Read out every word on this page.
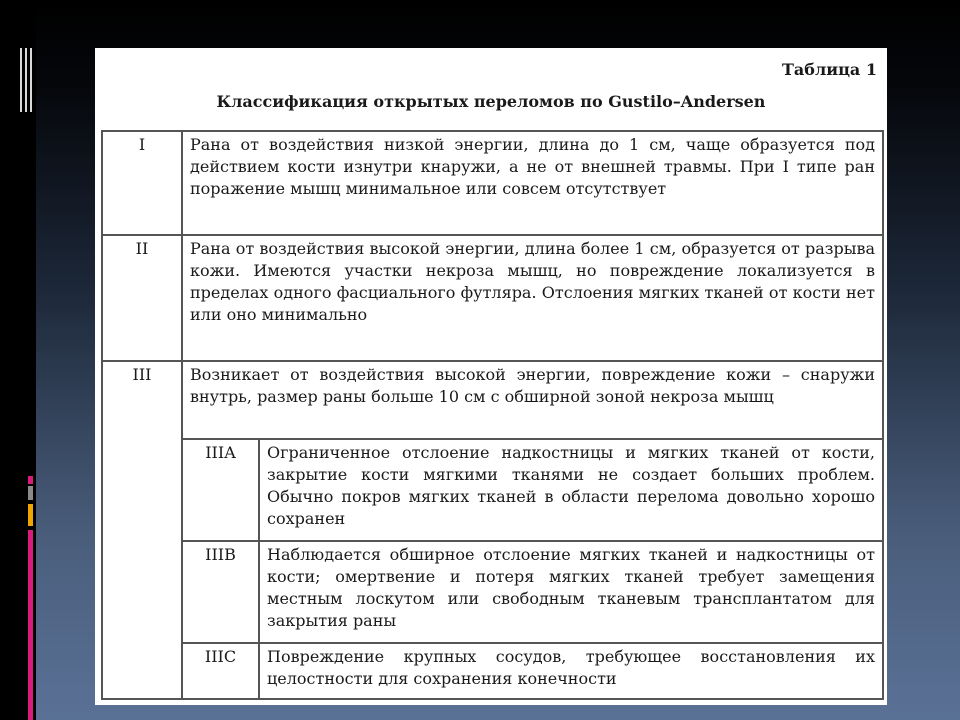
Таблица 1
Классификация открытых переломов по Gustilo–Andersen
I	Рана от воздействия низкой энергии, длина до 1 см, чаще образуется под действием кости изнутри кнаружи, а не от внешней травмы. При I типе ран поражение мышц минимальное или совсем отсутствует	
II	Рана от воздействия высокой энергии, длина более 1 см, образуется от разрыва кожи. Имеются участки некроза мышц, но повреждение локализуется в пределах одного фасциального футляра. Отслоения мягких тканей от кости нет или оно минимально	
III	Возникает от воздействия высокой энергии, повреждение кожи – снаружи внутрь, размер раны больше 10 см с обширной зоной некроза мышц	
	IIIA	Ограниченное отслоение надкостницы и мягких тканей от кости, закрытие кости мягкими тканями не создает больших проблем. Обычно покров мягких тканей в области перелома довольно хорошо сохранен
	IIIB	Наблюдается обширное отслоение мягких тканей и надкостницы от кости; омертвение и потеря мягких тканей требует замещения местным лоскутом или свободным тканевым трансплантатом для закрытия раны
	IIIC	Повреждение крупных сосудов, требующее восстановления их целостности для сохранения конечности
